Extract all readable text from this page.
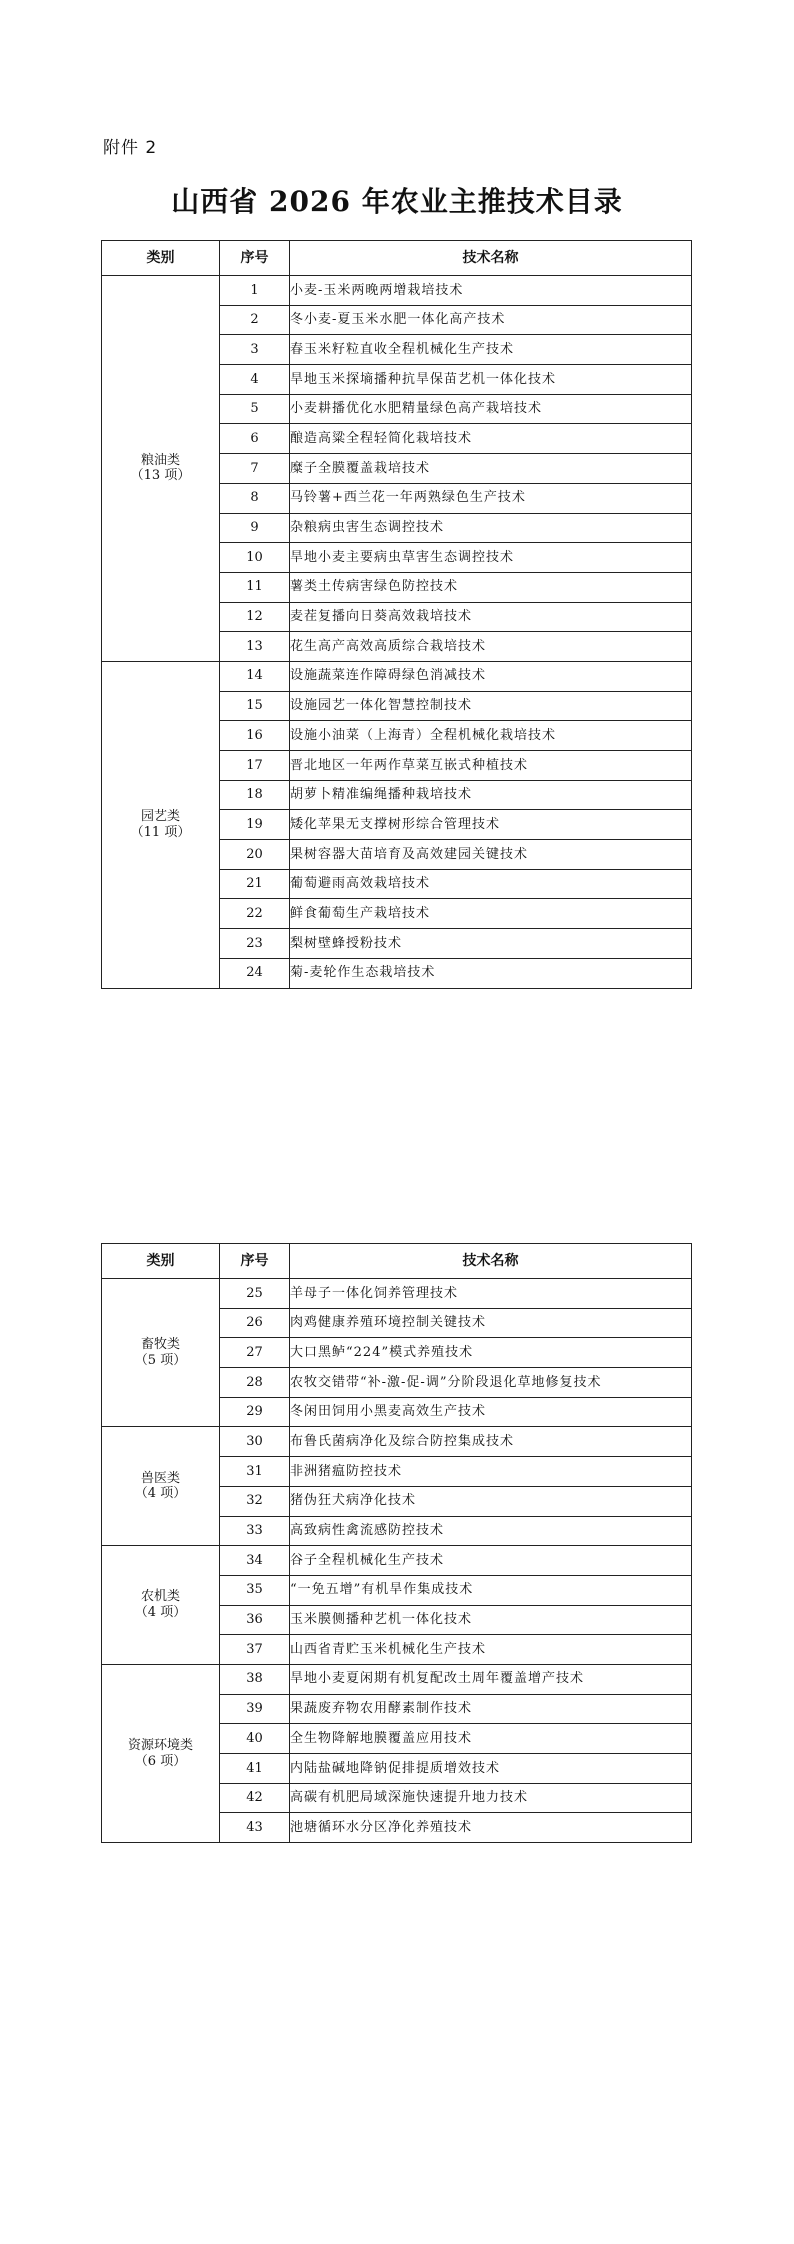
附件 2
山西省 2026 年农业主推技术目录
类别	序号	技术名称

粮油类
（13 项）	1	小麦-玉米两晚两增栽培技术
	2	冬小麦-夏玉米水肥一体化高产技术
	3	春玉米籽粒直收全程机械化生产技术
	4	旱地玉米探墒播种抗旱保苗艺机一体化技术
	5	小麦耕播优化水肥精量绿色高产栽培技术
	6	酿造高粱全程轻简化栽培技术
	7	糜子全膜覆盖栽培技术
	8	马铃薯+西兰花一年两熟绿色生产技术
	9	杂粮病虫害生态调控技术
	10	旱地小麦主要病虫草害生态调控技术
	11	薯类土传病害绿色防控技术
	12	麦茬复播向日葵高效栽培技术
	13	花生高产高效高质综合栽培技术

园艺类
（11 项）	14	设施蔬菜连作障碍绿色消减技术
	15	设施园艺一体化智慧控制技术
	16	设施小油菜（上海青）全程机械化栽培技术
	17	晋北地区一年两作草菜互嵌式种植技术
	18	胡萝卜精准编绳播种栽培技术
	19	矮化苹果无支撑树形综合管理技术
	20	果树容器大苗培育及高效建园关键技术
	21	葡萄避雨高效栽培技术
	22	鲜食葡萄生产栽培技术
	23	梨树壁蜂授粉技术
	24	菊-麦轮作生态栽培技术
类别	序号	技术名称

畜牧类
（5 项）	25	羊母子一体化饲养管理技术
	26	肉鸡健康养殖环境控制关键技术
	27	大口黑鲈“224”模式养殖技术
	28	农牧交错带“补-激-促-调”分阶段退化草地修复技术
	29	冬闲田饲用小黑麦高效生产技术

兽医类
（4 项）	30	布鲁氏菌病净化及综合防控集成技术
	31	非洲猪瘟防控技术
	32	猪伪狂犬病净化技术
	33	高致病性禽流感防控技术

农机类
（4 项）	34	谷子全程机械化生产技术
	35	“一免五增”有机旱作集成技术
	36	玉米膜侧播种艺机一体化技术
	37	山西省青贮玉米机械化生产技术

资源环境类
（6 项）	38	旱地小麦夏闲期有机复配改土周年覆盖增产技术
	39	果蔬废弃物农用酵素制作技术
	40	全生物降解地膜覆盖应用技术
	41	内陆盐碱地降钠促排提质增效技术
	42	高碳有机肥局域深施快速提升地力技术
	43	池塘循环水分区净化养殖技术
